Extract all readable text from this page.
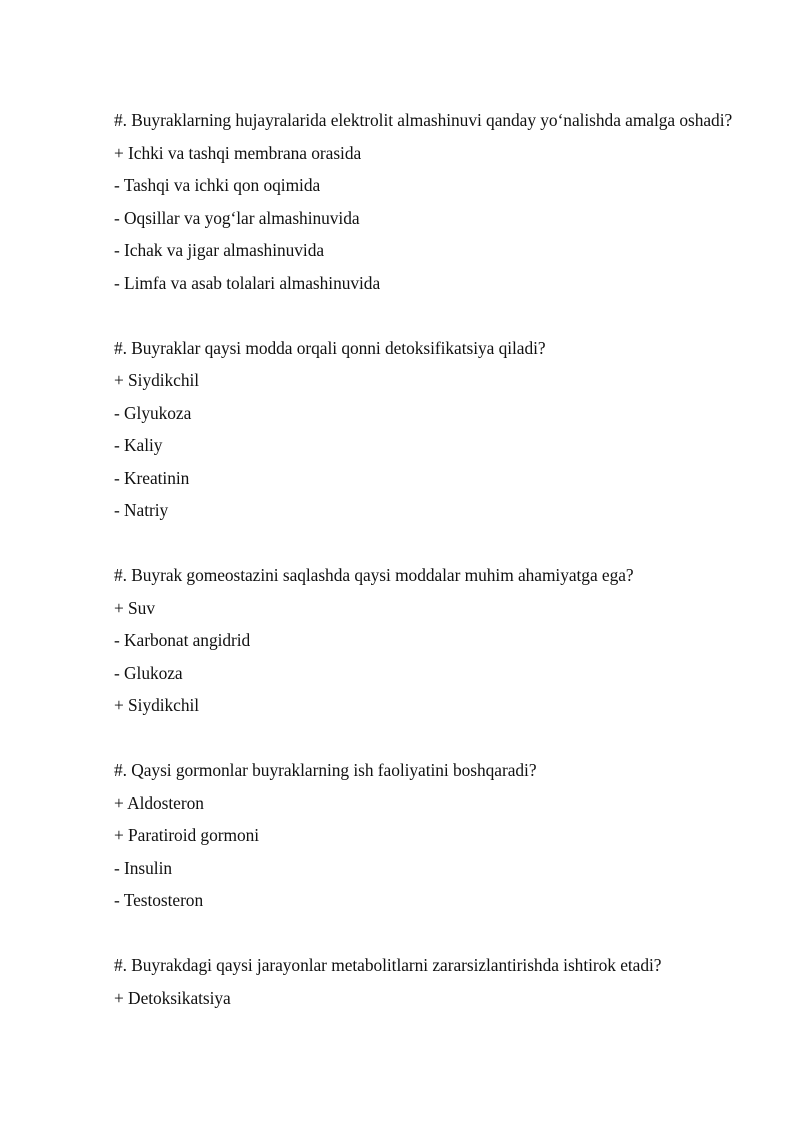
#. Buyraklarning hujayralarida elektrolit almashinuvi qanday yo‘nalishda amalga oshadi?
+ Ichki va tashqi membrana orasida
- Tashqi va ichki qon oqimida
- Oqsillar va yog‘lar almashinuvida
- Ichak va jigar almashinuvida
- Limfa va asab tolalari almashinuvida
#. Buyraklar qaysi modda orqali qonni detoksifikatsiya qiladi?
+ Siydikchil
- Glyukoza
- Kaliy
- Kreatinin
- Natriy
#. Buyrak gomeostazini saqlashda qaysi moddalar muhim ahamiyatga ega?
+ Suv
- Karbonat angidrid
- Glukoza
+ Siydikchil
#. Qaysi gormonlar buyraklarning ish faoliyatini boshqaradi?
+ Aldosteron
+ Paratiroid gormoni
- Insulin
- Testosteron
#. Buyrakdagi qaysi jarayonlar metabolitlarni zararsizlantirishda ishtirok etadi?
+ Detoksikatsiya
